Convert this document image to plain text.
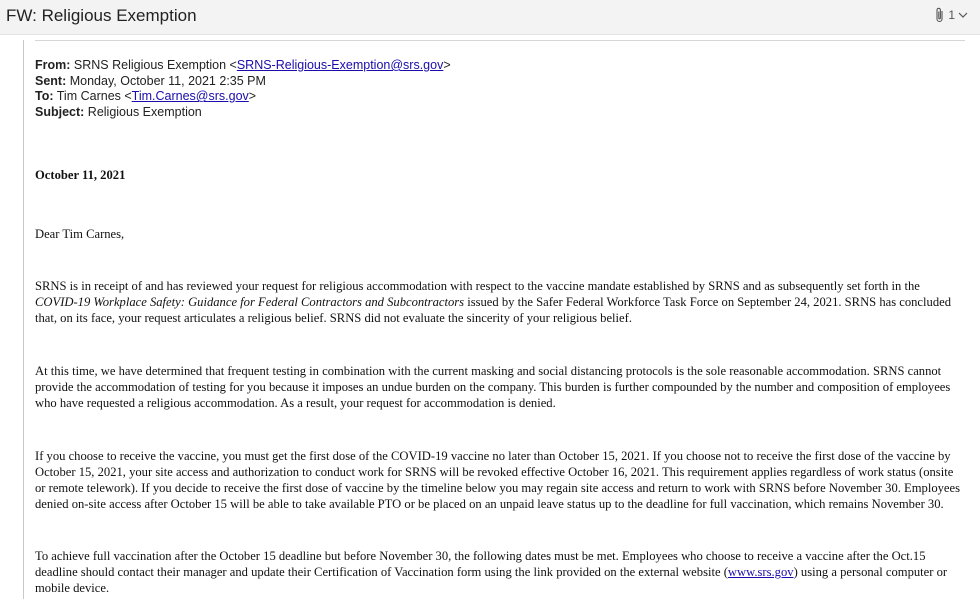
FW: Religious Exemption	1
From: SRNS Religious Exemption <SRNS-Religious-Exemption@srs.gov>
Sent: Monday, October 11, 2021 2:35 PM
To: Tim Carnes <Tim.Carnes@srs.gov>
Subject: Religious Exemption
October 11, 2021
Dear Tim Carnes,
SRNS is in receipt of and has reviewed your request for religious accommodation with respect to the vaccine mandate established by SRNS and as subsequently set forth in the COVID-19 Workplace Safety: Guidance for Federal Contractors and Subcontractors issued by the Safer Federal Workforce Task Force on September 24, 2021. SRNS has concluded that, on its face, your request articulates a religious belief. SRNS did not evaluate the sincerity of your religious belief.
At this time, we have determined that frequent testing in combination with the current masking and social distancing protocols is the sole reasonable accommodation. SRNS cannot provide the accommodation of testing for you because it imposes an undue burden on the company. This burden is further compounded by the number and composition of employees who have requested a religious accommodation. As a result, your request for accommodation is denied.
If you choose to receive the vaccine, you must get the first dose of the COVID-19 vaccine no later than October 15, 2021. If you choose not to receive the first dose of the vaccine by October 15, 2021, your site access and authorization to conduct work for SRNS will be revoked effective October 16, 2021. This requirement applies regardless of work status (onsite or remote telework). If you decide to receive the first dose of vaccine by the timeline below you may regain site access and return to work with SRNS before November 30. Employees denied on-site access after October 15 will be able to take available PTO or be placed on an unpaid leave status up to the deadline for full vaccination, which remains November 30.
To achieve full vaccination after the October 15 deadline but before November 30, the following dates must be met. Employees who choose to receive a vaccine after the Oct.15 deadline should contact their manager and update their Certification of Vaccination form using the link provided on the external website (www.srs.gov) using a personal computer or mobile device.
